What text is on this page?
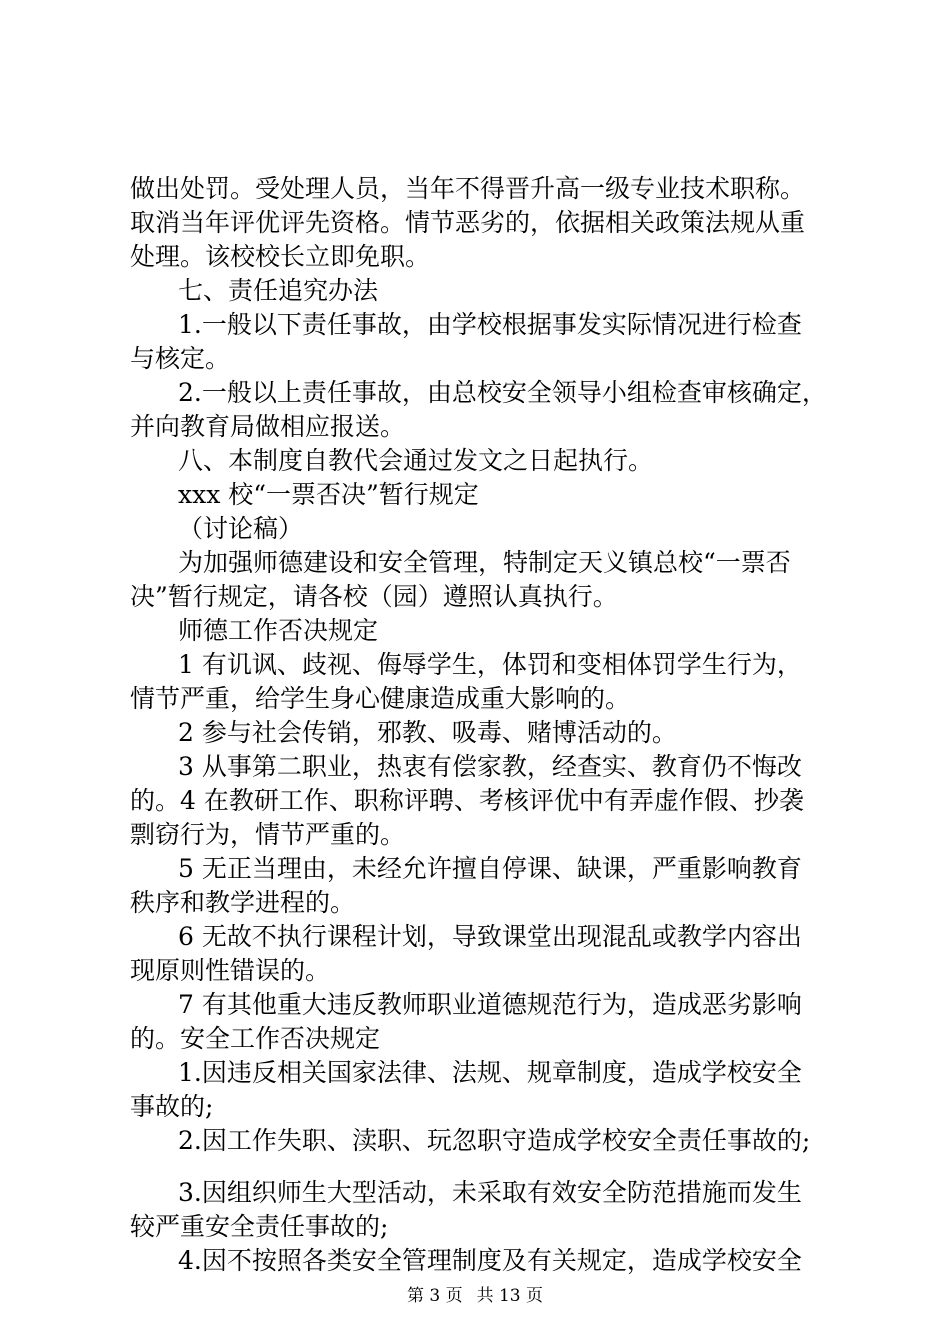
做出处罚。受处理人员，当年不得晋升高一级专业技术职称。
取消当年评优评先资格。情节恶劣的，依据相关政策法规从重
处理。该校校长立即免职。
七、责任追究办法
1.一般以下责任事故，由学校根据事发实际情况进行检查
与核定。
2.一般以上责任事故，由总校安全领导小组检查审核确定，
并向教育局做相应报送。
八、本制度自教代会通过发文之日起执行。
xxx 校“一票否决”暂行规定
（讨论稿）
为加强师德建设和安全管理，特制定天义镇总校“一票否
决”暂行规定，请各校（园）遵照认真执行。
师德工作否决规定
1 有讥讽、歧视、侮辱学生，体罚和变相体罚学生行为，
情节严重，给学生身心健康造成重大影响的。
2 参与社会传销，邪教、吸毒、赌博活动的。
3 从事第二职业，热衷有偿家教，经查实、教育仍不悔改
的。4 在教研工作、职称评聘、考核评优中有弄虚作假、抄袭
剽窃行为，情节严重的。
5 无正当理由，未经允许擅自停课、缺课，严重影响教育
秩序和教学进程的。
6 无故不执行课程计划，导致课堂出现混乱或教学内容出
现原则性错误的。
7 有其他重大违反教师职业道德规范行为，造成恶劣影响
的。安全工作否决规定
1.因违反相关国家法律、法规、规章制度，造成学校安全
事故的;
2.因工作失职、渎职、玩忽职守造成学校安全责任事故的;
3.因组织师生大型活动，未采取有效安全防范措施而发生
较严重安全责任事故的;
4.因不按照各类安全管理制度及有关规定，造成学校安全
第 3 页 共 13 页
